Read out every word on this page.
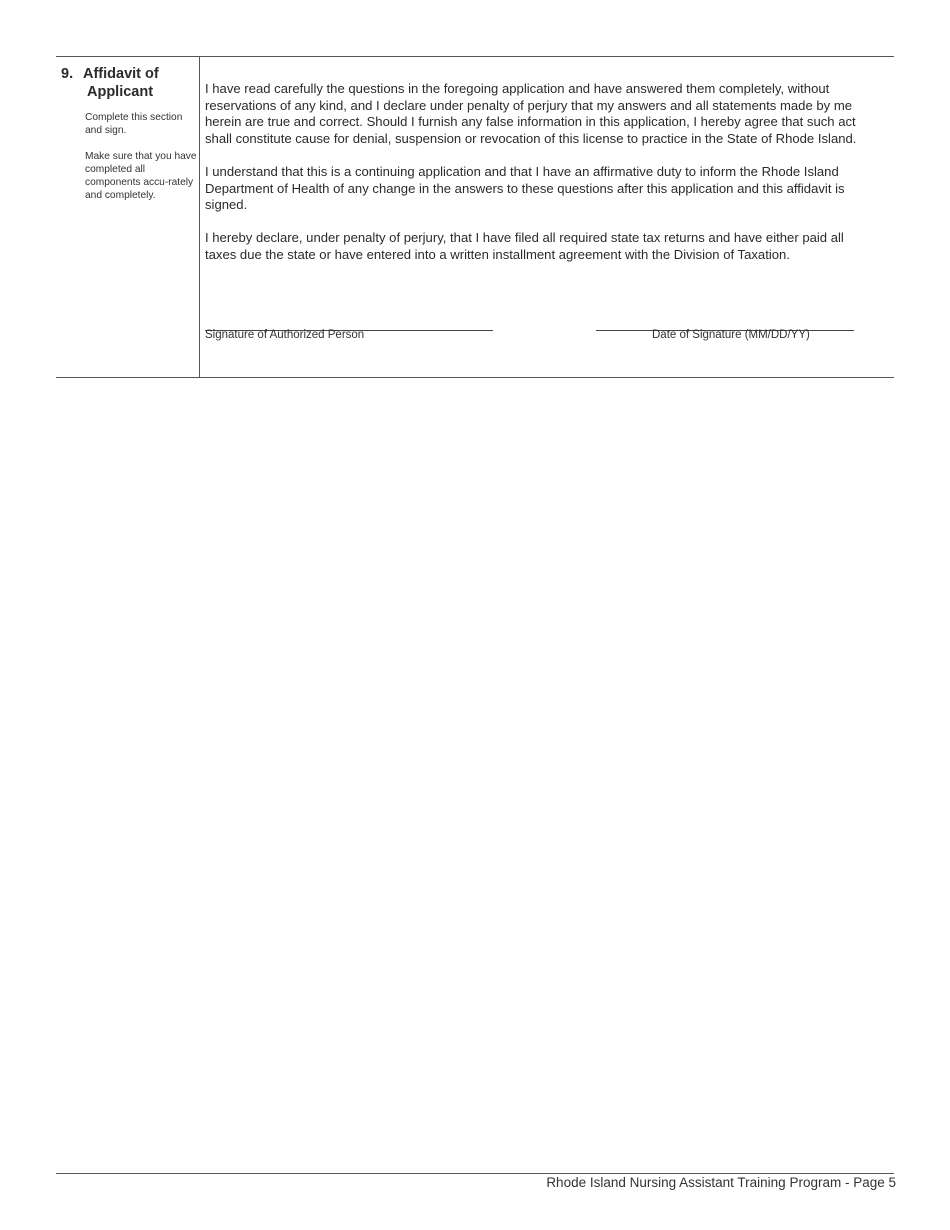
9. Affidavit of
Applicant
Complete this section and sign.
Make sure that you have completed all components accu-rately and completely.

I have read carefully the questions in the foregoing application and have answered them completely, without reservations of any kind, and I declare under penalty of perjury that my answers and all statements made by me herein are true and correct. Should I furnish any false information in this application, I hereby agree that such act shall constitute cause for denial, suspension or revocation of this license to practice in the State of Rhode Island.

I understand that this is a continuing application and that I have an affirmative duty to inform the Rhode Island Department of Health of any change in the answers to these questions after this application and this affidavit is signed.

I hereby declare, under penalty of perjury, that I have filed all required state tax returns and have either paid all taxes due the state or have entered into a written installment agreement with the Division of Taxation.

Signature of Authorized Person	Date of Signature (MM/DD/YY)
Rhode Island Nursing Assistant Training Program - Page 5
